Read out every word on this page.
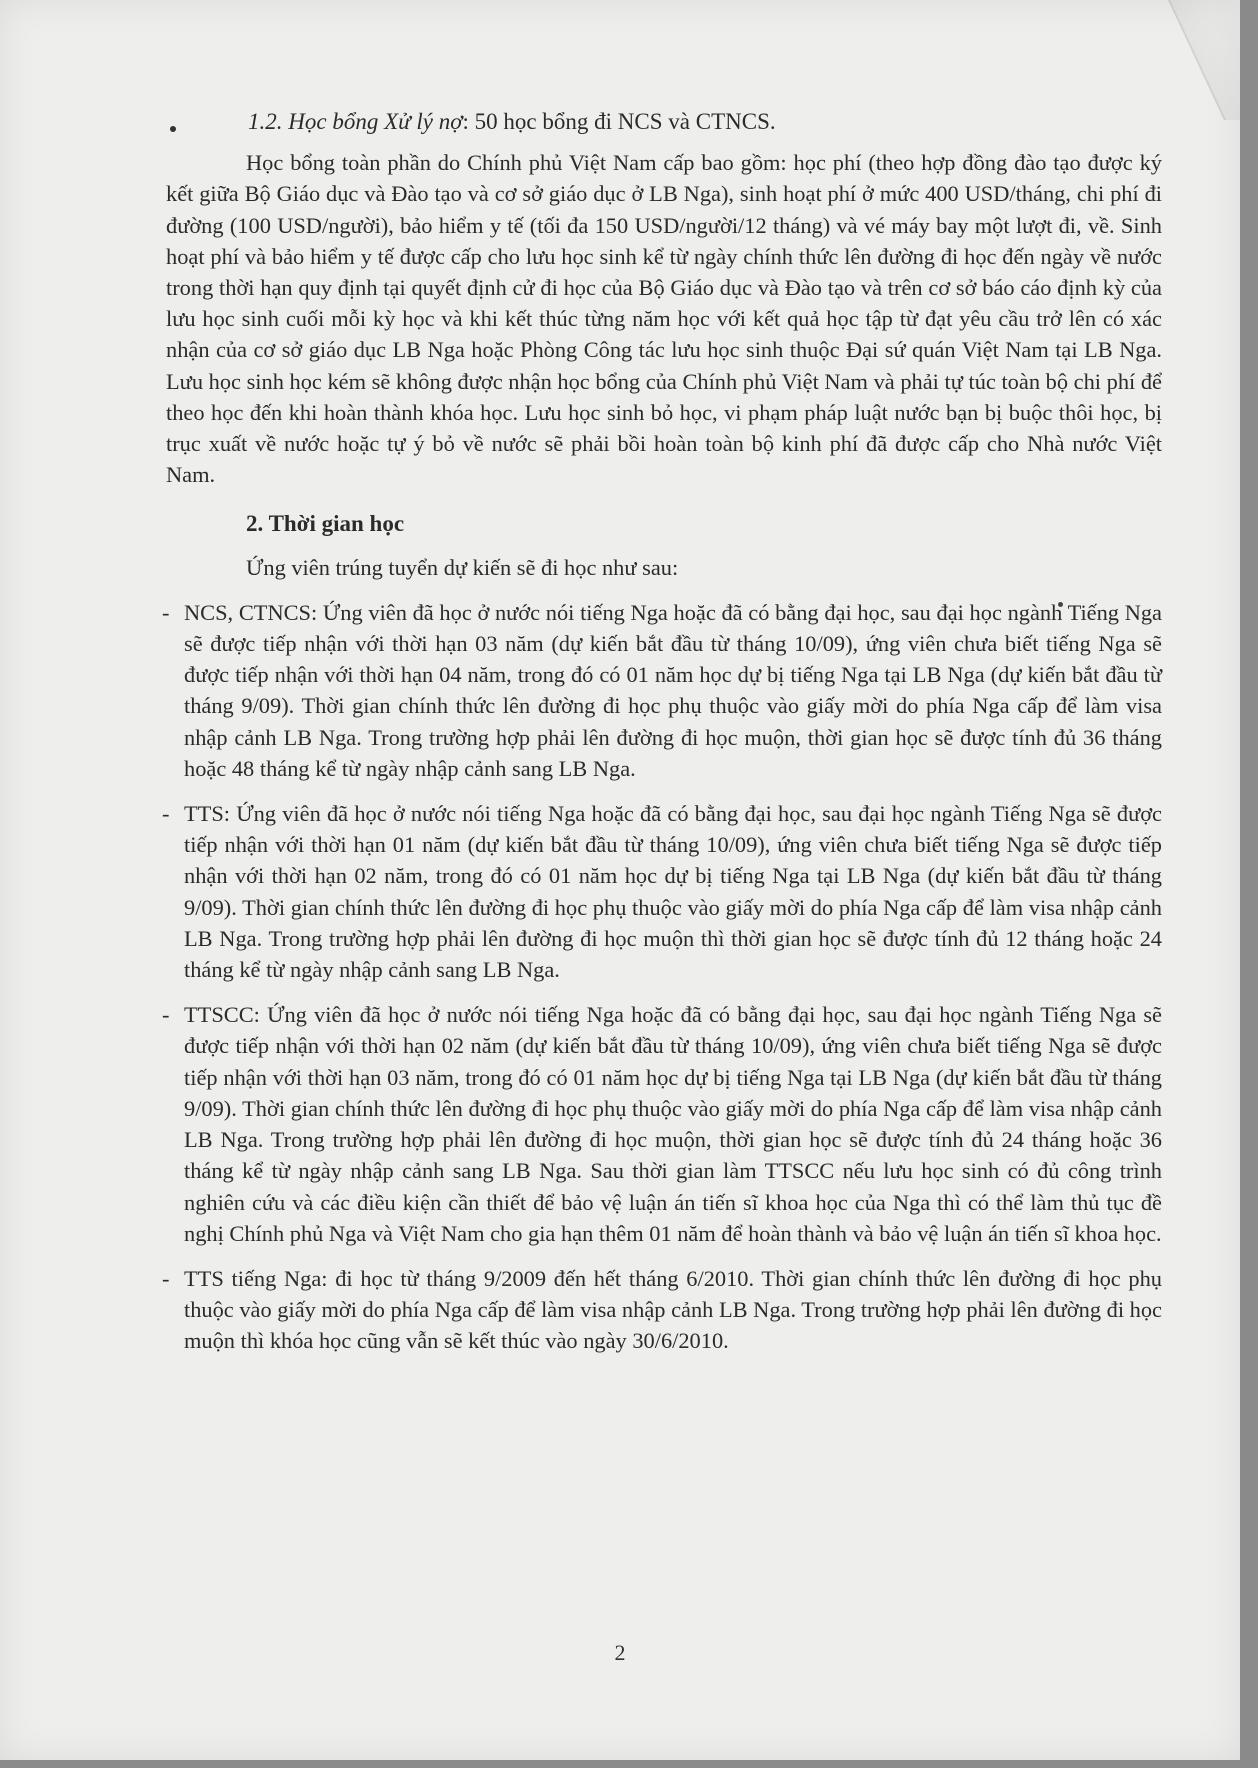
1.2. Học bổng Xử lý nợ: 50 học bổng đi NCS và CTNCS.

Học bổng toàn phần do Chính phủ Việt Nam cấp bao gồm: học phí (theo hợp đồng đào tạo được ký kết giữa Bộ Giáo dục và Đào tạo và cơ sở giáo dục ở LB Nga), sinh hoạt phí ở mức 400 USD/tháng, chi phí đi đường (100 USD/người), bảo hiểm y tế (tối đa 150 USD/người/12 tháng) và vé máy bay một lượt đi, về. Sinh hoạt phí và bảo hiểm y tế được cấp cho lưu học sinh kể từ ngày chính thức lên đường đi học đến ngày về nước trong thời hạn quy định tại quyết định cử đi học của Bộ Giáo dục và Đào tạo và trên cơ sở báo cáo định kỳ của lưu học sinh cuối mỗi kỳ học và khi kết thúc từng năm học với kết quả học tập từ đạt yêu cầu trở lên có xác nhận của cơ sở giáo dục LB Nga hoặc Phòng Công tác lưu học sinh thuộc Đại sứ quán Việt Nam tại LB Nga. Lưu học sinh học kém sẽ không được nhận học bổng của Chính phủ Việt Nam và phải tự túc toàn bộ chi phí để theo học đến khi hoàn thành khóa học. Lưu học sinh bỏ học, vi phạm pháp luật nước bạn bị buộc thôi học, bị trục xuất về nước hoặc tự ý bỏ về nước sẽ phải bồi hoàn toàn bộ kinh phí đã được cấp cho Nhà nước Việt Nam.

2. Thời gian học

Ứng viên trúng tuyển dự kiến sẽ đi học như sau:

- NCS, CTNCS: Ứng viên đã học ở nước nói tiếng Nga hoặc đã có bằng đại học, sau đại học ngành Tiếng Nga sẽ được tiếp nhận với thời hạn 03 năm (dự kiến bắt đầu từ tháng 10/09), ứng viên chưa biết tiếng Nga sẽ được tiếp nhận với thời hạn 04 năm, trong đó có 01 năm học dự bị tiếng Nga tại LB Nga (dự kiến bắt đầu từ tháng 9/09). Thời gian chính thức lên đường đi học phụ thuộc vào giấy mời do phía Nga cấp để làm visa nhập cảnh LB Nga. Trong trường hợp phải lên đường đi học muộn, thời gian học sẽ được tính đủ 36 tháng hoặc 48 tháng kể từ ngày nhập cảnh sang LB Nga.

- TTS: Ứng viên đã học ở nước nói tiếng Nga hoặc đã có bằng đại học, sau đại học ngành Tiếng Nga sẽ được tiếp nhận với thời hạn 01 năm (dự kiến bắt đầu từ tháng 10/09), ứng viên chưa biết tiếng Nga sẽ được tiếp nhận với thời hạn 02 năm, trong đó có 01 năm học dự bị tiếng Nga tại LB Nga (dự kiến bắt đầu từ tháng 9/09). Thời gian chính thức lên đường đi học phụ thuộc vào giấy mời do phía Nga cấp để làm visa nhập cảnh LB Nga. Trong trường hợp phải lên đường đi học muộn thì thời gian học sẽ được tính đủ 12 tháng hoặc 24 tháng kể từ ngày nhập cảnh sang LB Nga.

- TTSCC: Ứng viên đã học ở nước nói tiếng Nga hoặc đã có bằng đại học, sau đại học ngành Tiếng Nga sẽ được tiếp nhận với thời hạn 02 năm (dự kiến bắt đầu từ tháng 10/09), ứng viên chưa biết tiếng Nga sẽ được tiếp nhận với thời hạn 03 năm, trong đó có 01 năm học dự bị tiếng Nga tại LB Nga (dự kiến bắt đầu từ tháng 9/09). Thời gian chính thức lên đường đi học phụ thuộc vào giấy mời do phía Nga cấp để làm visa nhập cảnh LB Nga. Trong trường hợp phải lên đường đi học muộn, thời gian học sẽ được tính đủ 24 tháng hoặc 36 tháng kể từ ngày nhập cảnh sang LB Nga. Sau thời gian làm TTSCC nếu lưu học sinh có đủ công trình nghiên cứu và các điều kiện cần thiết để bảo vệ luận án tiến sĩ khoa học của Nga thì có thể làm thủ tục đề nghị Chính phủ Nga và Việt Nam cho gia hạn thêm 01 năm để hoàn thành và bảo vệ luận án tiến sĩ khoa học.

- TTS tiếng Nga: đi học từ tháng 9/2009 đến hết tháng 6/2010. Thời gian chính thức lên đường đi học phụ thuộc vào giấy mời do phía Nga cấp để làm visa nhập cảnh LB Nga. Trong trường hợp phải lên đường đi học muộn thì khóa học cũng vẫn sẽ kết thúc vào ngày 30/6/2010.

2
